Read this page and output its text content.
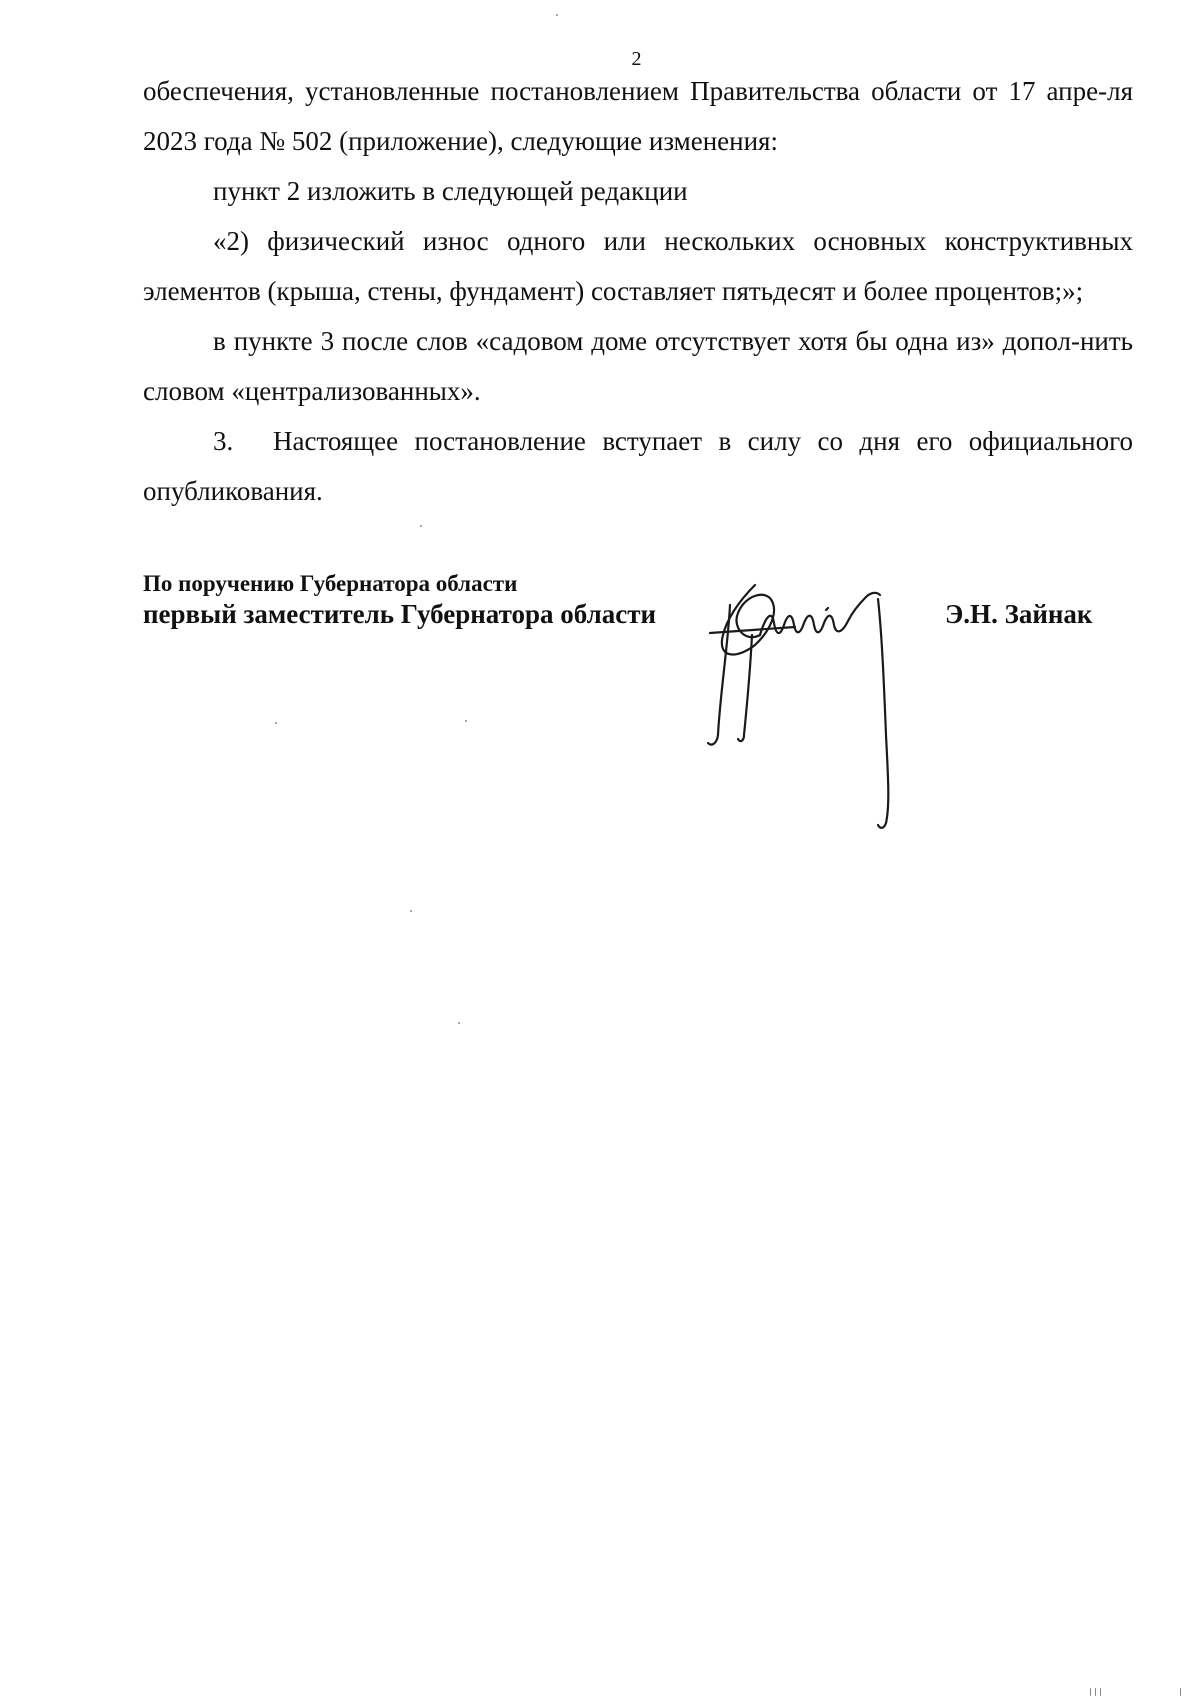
2

обеспечения, установленные постановлением Правительства области от 17 апре-ля 2023 года № 502 (приложение), следующие изменения:

пункт 2 изложить в следующей редакции

«2) физический износ одного или нескольких основных конструктивных элементов (крыша, стены, фундамент) составляет пятьдесят и более процентов;»;

в пункте 3 после слов «садовом доме отсутствует хотя бы одна из» допол-нить словом «централизованных».

3. Настоящее постановление вступает в силу со дня его официального опубликования.

По поручению Губернатора области
первый заместитель Губернатора области	Э.Н. Зайнак
